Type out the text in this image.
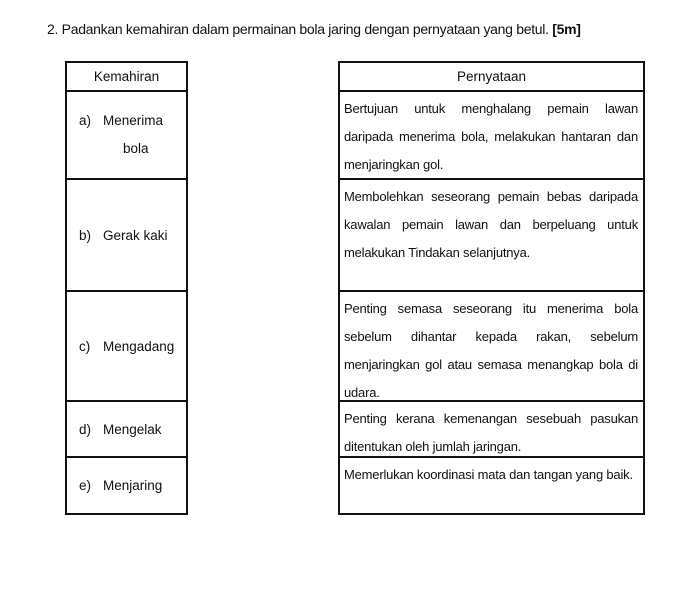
2. Padankan kemahiran dalam permainan bola jaring dengan pernyataan yang betul. [5m]
Kemahiran
a) Menerima
bola
b) Gerak kaki
c) Mengadang
d) Mengelak
e) Menjaring
Pernyataan
Bertujuan untuk menghalang pemain lawan daripada menerima bola, melakukan hantaran dan menjaringkan gol.
Membolehkan seseorang pemain bebas daripada kawalan pemain lawan dan berpeluang untuk melakukan Tindakan selanjutnya.
Penting semasa seseorang itu menerima bola sebelum dihantar kepada rakan, sebelum menjaringkan gol atau semasa menangkap bola di udara.
Penting kerana kemenangan sesebuah pasukan ditentukan oleh jumlah jaringan.
Memerlukan koordinasi mata dan tangan yang baik.
